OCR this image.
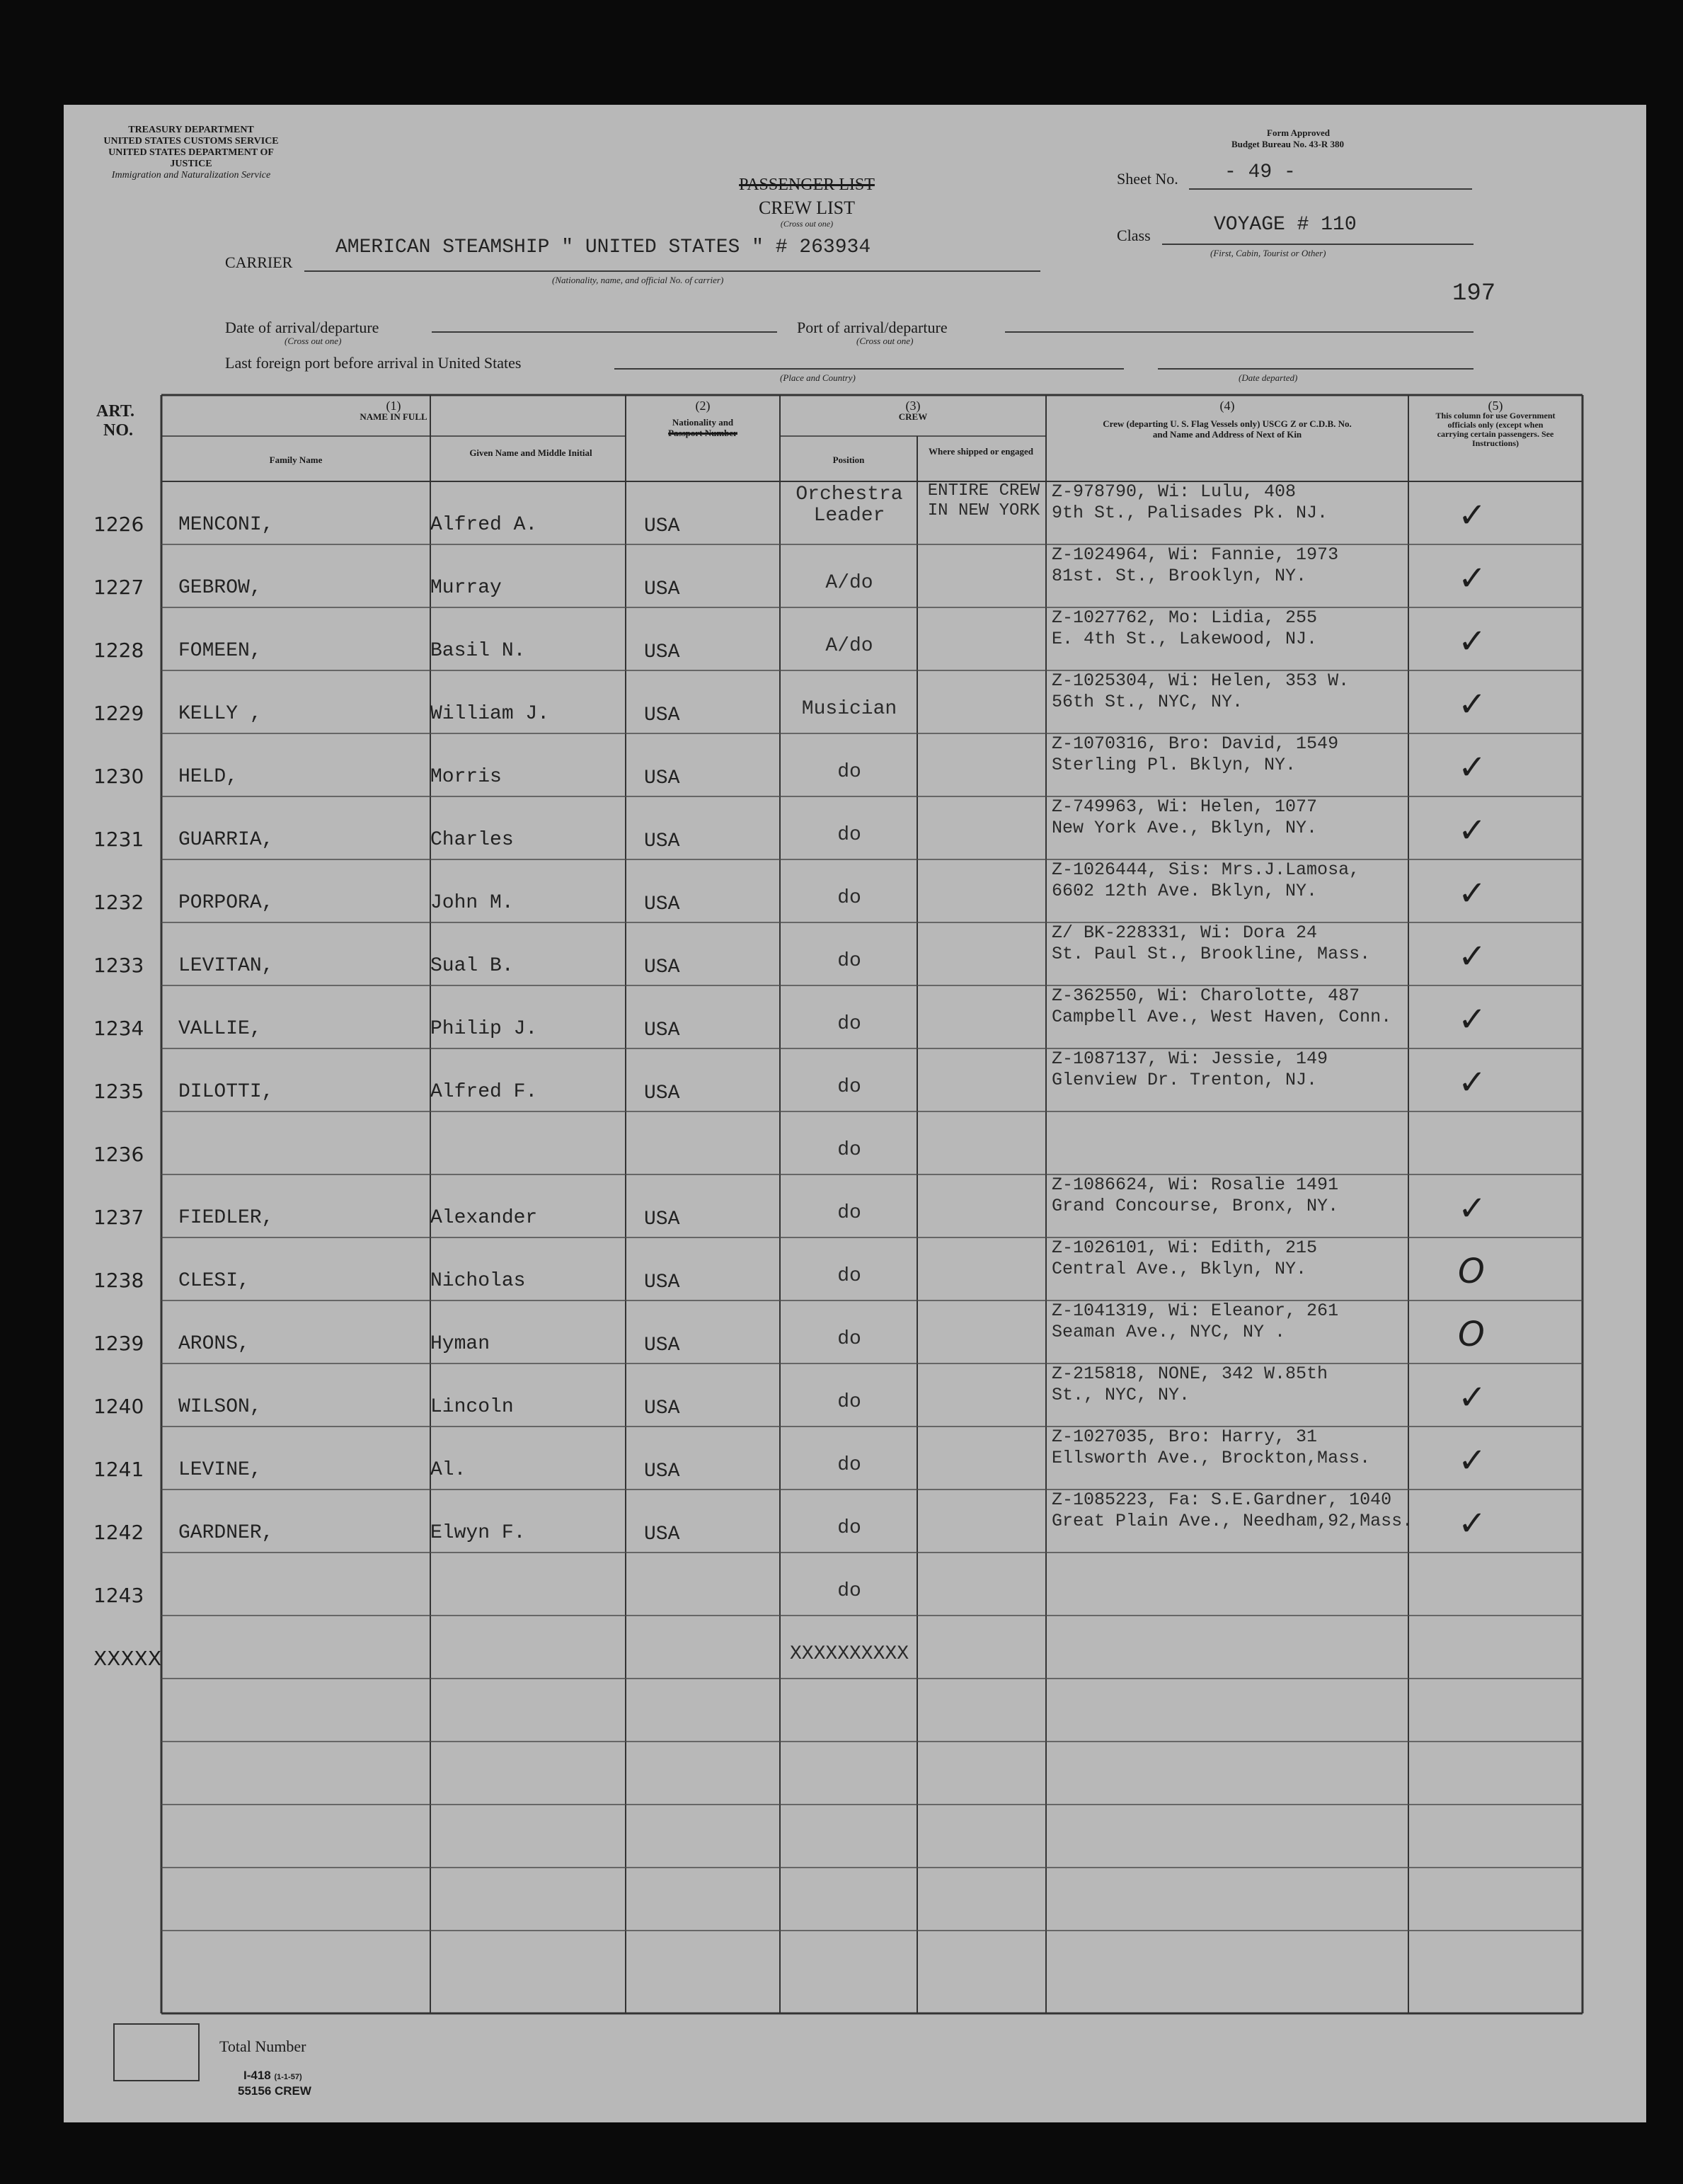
TREASURY DEPARTMENT
UNITED STATES CUSTOMS SERVICE
UNITED STATES DEPARTMENT OF JUSTICE
Immigration and Naturalization Service
Form Approved
Budget Bureau No. 43-R 380
PASSENGER LIST
CREW LIST
(Cross out one)
Sheet No. - 49 -
Class	VOYAGE # 110
(First, Cabin, Tourist or Other)
197
CARRIER
AMERICAN STEAMSHIP " UNITED STATES " # 263934
(Nationality, name, and official No. of carrier)
Date of arrival/departure
(Cross out one)
Port of arrival/departure
(Cross out one)
Last foreign port before arrival in United States
(Place and Country)	(Date departed)
ART.
NO.
(1)
NAME IN FULL
Family Name
Given Name and Middle Initial
(2)
Nationality and
Passport Number
(3)
CREW
Position
Where shipped or engaged
(4)
Crew (departing U. S. Flag Vessels only) USCG Z or C.D.B. No. and Name and Address of Next of Kin
(5)
This column for use Government officials only (except when carrying certain passengers. See Instructions)
1226	MENCONI,	Alfred A.	USA
Orchestra Leader
ENTIRE CREW IN NEW YORK
Z-978790, Wi: Lulu, 408
9th St., Palisades Pk. NJ.	✓
1227	GEBROW,	Murray	USA	A/do
Z-1024964, Wi: Fannie, 1973
81st. St., Brooklyn, NY.	✓
1228	FOMEEN,	Basil N.	USA	A/do
Z-1027762, Mo: Lidia, 255
E. 4th St., Lakewood, NJ.	✓
1229	KELLY ,	William J.	USA	Musician
Z-1025304, Wi: Helen, 353 W.
56th St., NYC, NY.	✓
1230	HELD,	Morris	USA	do
Z-1070316, Bro: David, 1549
Sterling Pl. Bklyn, NY.	✓
1231	GUARRIA,	Charles	USA	do
Z-749963, Wi: Helen, 1077
New York Ave., Bklyn, NY.	✓
1232	PORPORA,	John M.	USA	do
Z-1026444, Sis: Mrs.J.Lamosa,
6602 12th Ave. Bklyn, NY.	✓
1233	LEVITAN,	Sual B.	USA	do
Z/ BK-228331, Wi: Dora 24
St. Paul St., Brookline, Mass.	✓
1234	VALLIE,	Philip J.	USA	do
Z-362550, Wi: Charolotte, 487
Campbell Ave., West Haven, Conn.	✓
1235	DILOTTI,	Alfred F.	USA	do
Z-1087137, Wi: Jessie, 149
Glenview Dr. Trenton, NJ.	✓
1236	do
1237	FIEDLER,	Alexander	USA	do
Z-1086624, Wi: Rosalie 1491
Grand Concourse, Bronx, NY.	✓
1238	CLESI,	Nicholas	USA	do
Z-1026101, Wi: Edith, 215
Central Ave., Bklyn, NY.	O
1239	ARONS,	Hyman	USA	do
Z-1041319, Wi: Eleanor, 261
Seaman Ave., NYC, NY .	O
1240	WILSON,	Lincoln	USA	do
Z-215818, NONE, 342 W.85th
St., NYC, NY.	✓
1241	LEVINE,	Al.	USA	do
Z-1027035, Bro: Harry, 31
Ellsworth Ave., Brockton,Mass.	✓
1242	GARDNER,	Elwyn F.	USA	do
Z-1085223, Fa: S.E.Gardner, 1040
Great Plain Ave., Needham,92,Mass. ✓
1243	do
XXXXX	XXXXXXXXXX
Total Number
I-418 (1-1-57)
55156 CREW
